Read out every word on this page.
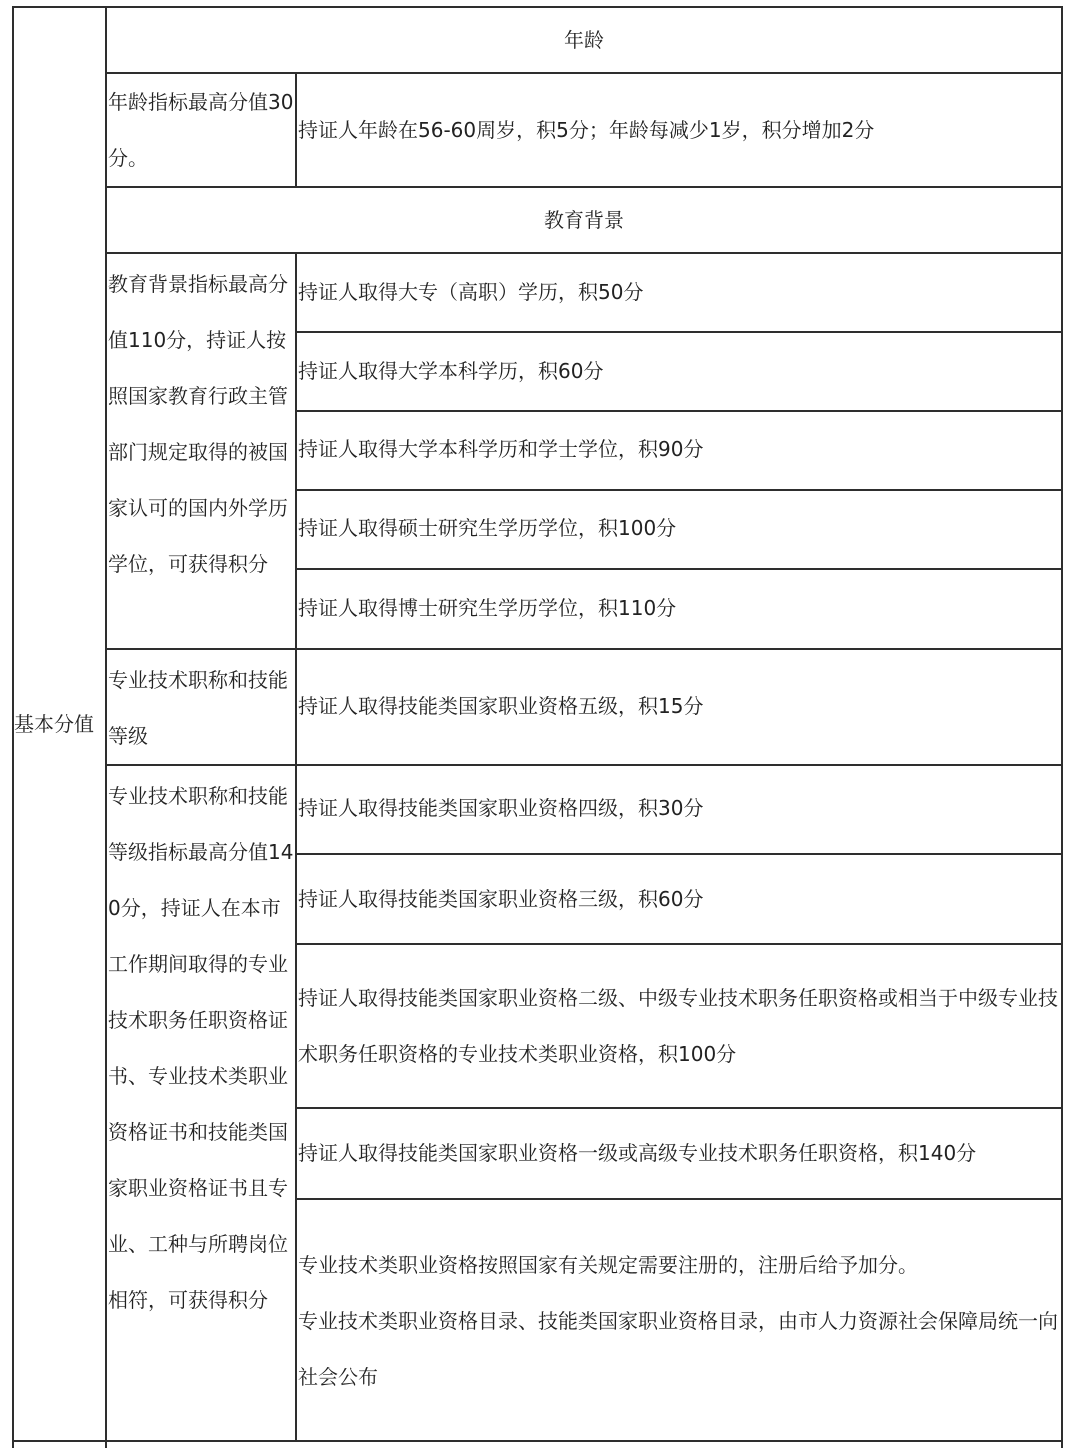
基本分值
年龄
年龄指标最高分值30分。
持证人年龄在56-60周岁，积5分；年龄每减少1岁，积分增加2分
教育背景
教育背景指标最高分值110分，持证人按照国家教育行政主管部门规定取得的被国家认可的国内外学历学位，可获得积分
持证人取得大专（高职）学历，积50分
持证人取得大学本科学历，积60分
持证人取得大学本科学历和学士学位，积90分
持证人取得硕士研究生学历学位，积100分
持证人取得博士研究生学历学位，积110分
专业技术职称和技能等级
持证人取得技能类国家职业资格五级，积15分
专业技术职称和技能等级指标最高分值140分，持证人在本市工作期间取得的专业技术职务任职资格证书、专业技术类职业资格证书和技能类国家职业资格证书且专业、工种与所聘岗位相符，可获得积分
持证人取得技能类国家职业资格四级，积30分
持证人取得技能类国家职业资格三级，积60分
持证人取得技能类国家职业资格二级、中级专业技术职务任职资格或相当于中级专业技术职务任职资格的专业技术类职业资格，积100分
持证人取得技能类国家职业资格一级或高级专业技术职务任职资格，积140分
专业技术类职业资格按照国家有关规定需要注册的，注册后给予加分。
专业技术类职业资格目录、技能类国家职业资格目录，由市人力资源社会保障局统一向社会公布
